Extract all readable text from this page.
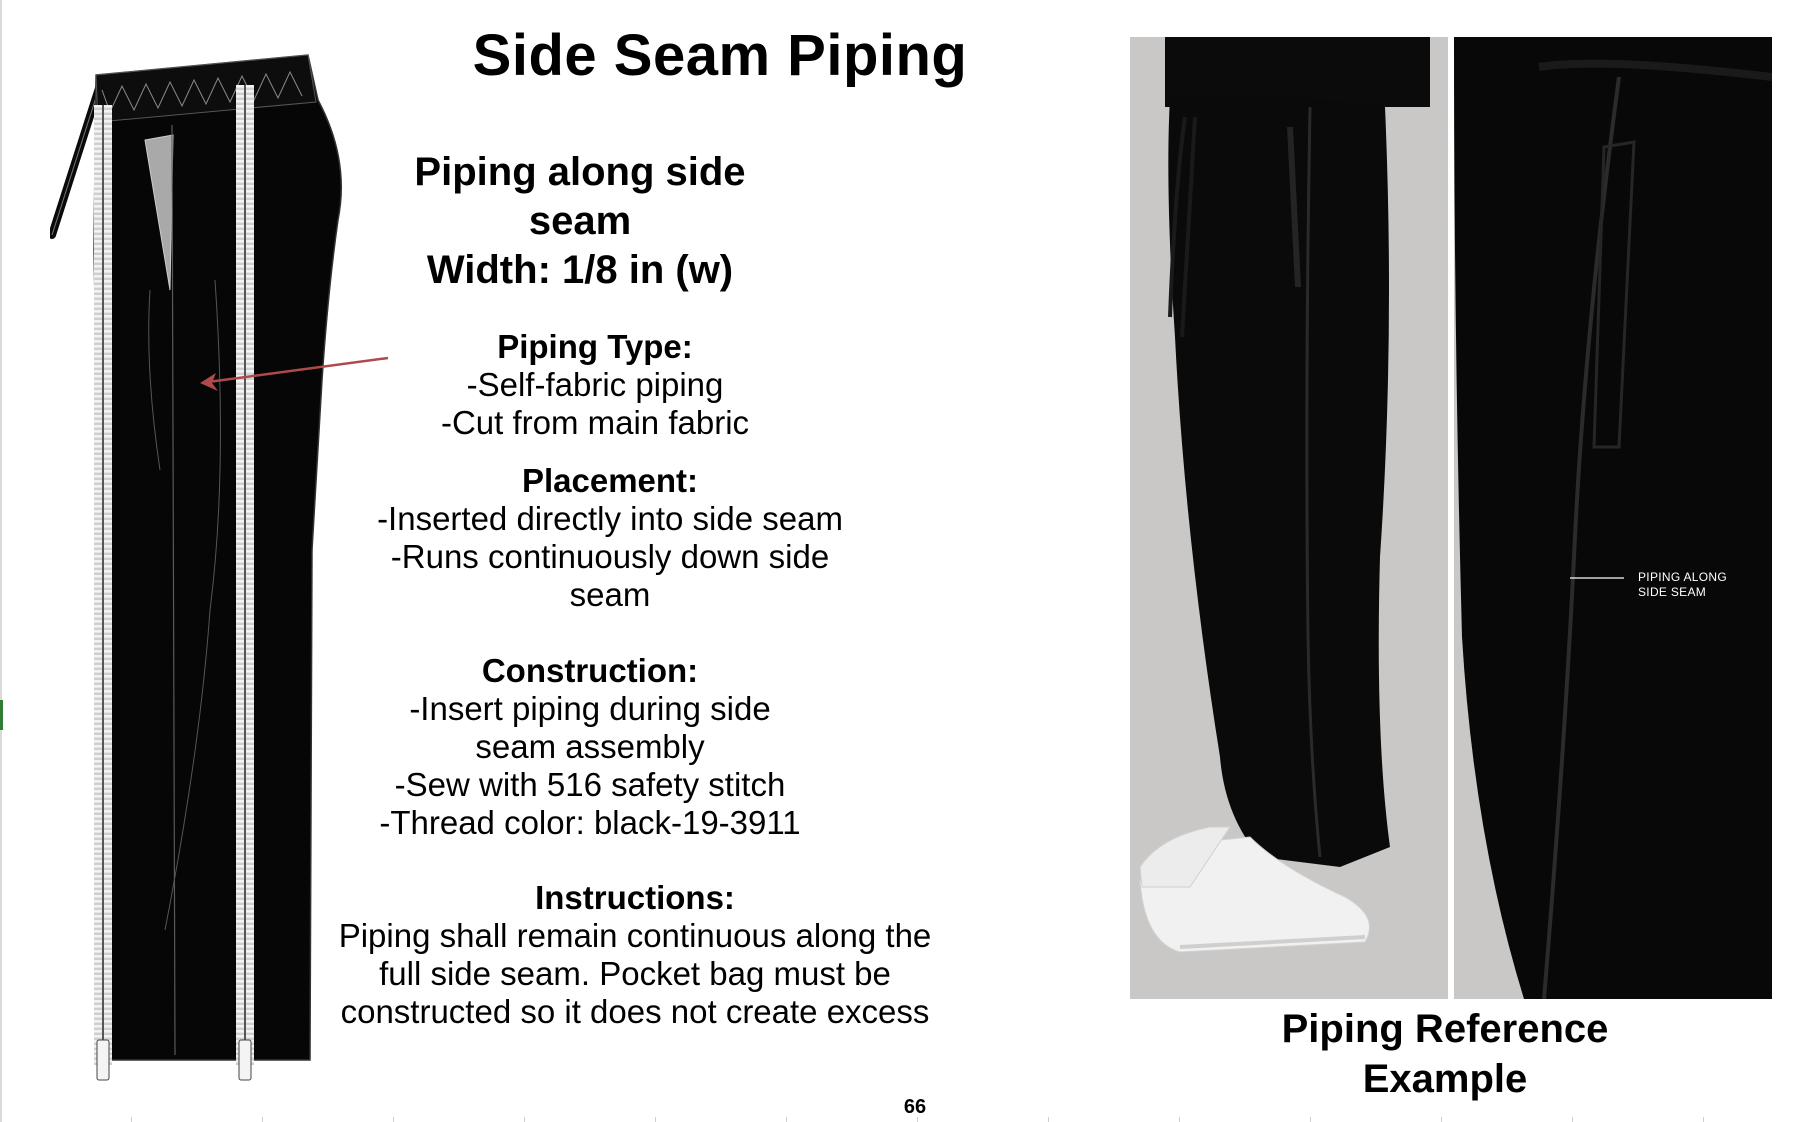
Side Seam Piping
Piping along side
seam
Width: 1/8 in (w)
Piping Type:
-Self-fabric piping
-Cut from main fabric
Placement:
-Inserted directly into side seam
-Runs continuously down side
seam
Construction:
-Insert piping during side
seam assembly
-Sew with 516 safety stitch
-Thread color: black-19-3911
Instructions:
Piping shall remain continuous along the
full side seam. Pocket bag must be
constructed so it does not create excess
PIPING ALONG
SIDE SEAM
Piping Reference
Example
66
